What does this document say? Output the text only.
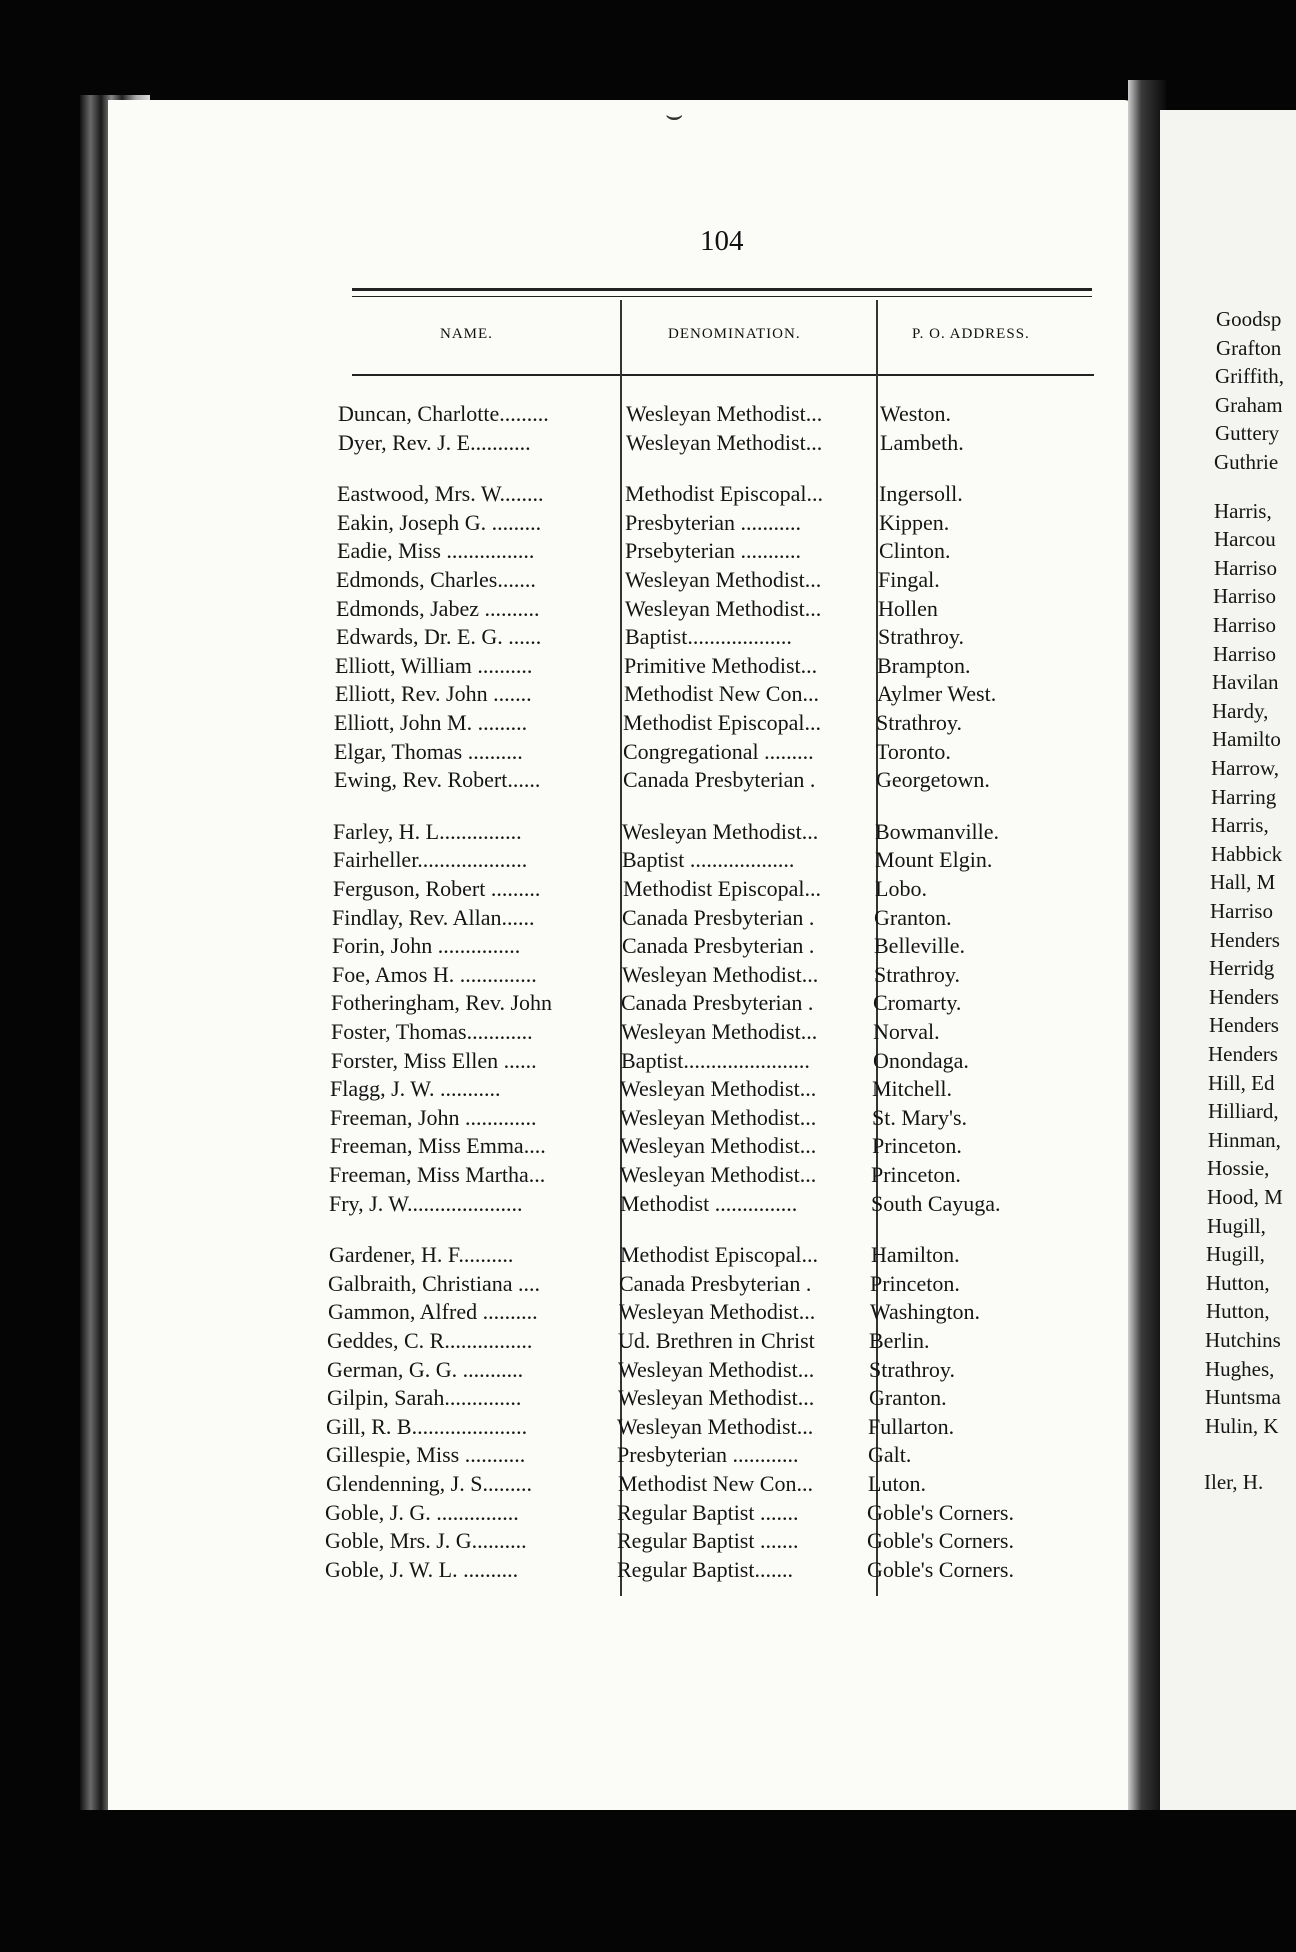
104
NAME.	DENOMINATION.	P. O. ADDRESS.
Duncan, Charlotte.........	Wesleyan Methodist...	Weston.
Dyer, Rev. J. E...........	Wesleyan Methodist...	Lambeth.
Eastwood, Mrs. W........	Methodist Episcopal...	Ingersoll.
Eakin, Joseph G. .........	Presbyterian ...........	Kippen.
Eadie, Miss ................	Prsebyterian ...........	Clinton.
Edmonds, Charles.......	Wesleyan Methodist...	Fingal.
Edmonds, Jabez ..........	Wesleyan Methodist...	Hollen
Edwards, Dr. E. G. ......	Baptist...................	Strathroy.
Elliott, William ..........	Primitive Methodist...	Brampton.
Elliott, Rev. John .......	Methodist New Con...	Aylmer West.
Elliott, John M. .........	Methodist Episcopal...	Strathroy.
Elgar, Thomas ..........	Congregational .........	Toronto.
Ewing, Rev. Robert......	Canada Presbyterian .	Georgetown.
Farley, H. L...............	Wesleyan Methodist...	Bowmanville.
Fairheller....................	Baptist ...................	Mount Elgin.
Ferguson, Robert .........	Methodist Episcopal... Lobo.
Findlay, Rev. Allan......	Canada Presbyterian .	Granton.
Forin, John ...............	Canada Presbyterian .	Belleville.
Foe, Amos H. ..............	Wesleyan Methodist...	Strathroy.
Fotheringham, Rev. John	Canada Presbyterian .	Cromarty.
Foster, Thomas............	Wesleyan Methodist...	Norval.
Forster, Miss Ellen ......	Baptist.......................	Onondaga.
Flagg, J. W. ...........	Wesleyan Methodist...	Mitchell.
Freeman, John .............	Wesleyan Methodist...	St. Mary's.
Freeman, Miss Emma....	Wesleyan Methodist...	Princeton.
Freeman, Miss Martha...	Wesleyan Methodist... Princeton.
Fry, J. W.....................	Methodist ...............	South Cayuga.
Gardener, H. F..........	Methodist Episcopal... Hamilton.
Galbraith, Christiana ....	Canada Presbyterian .	Princeton.
Gammon, Alfred ..........	Wesleyan Methodist... Washington.
Geddes, C. R................	Ud. Brethren in Christ Berlin.
German, G. G. ...........	Wesleyan Methodist... Strathroy.
Gilpin, Sarah..............	Wesleyan Methodist... Granton.
Gill, R. B.....................	Wesleyan Methodist... Fullarton.
Gillespie, Miss ...........	Presbyterian ............	Galt.
Glendenning, J. S.........	Methodist New Con...	Luton.
Goble, J. G. ...............	Regular Baptist .......	Goble's Corners.
Goble, Mrs. J. G..........	Regular Baptist .......	Goble's Corners.
Goble, J. W. L. ..........	Regular Baptist.......	Goble's Corners.
⌣
Goodsp
Grafton
Griffith,
Graham
Guttery
Guthrie
Harris,
Harcou
Harriso
Harriso
Harriso
Harriso
Havilan
Hardy,
Hamilto
Harrow,
Harring
Harris,
Habbick
Hall, M
Harriso
Henders
Herridg
Henders
Henders
Henders
Hill, Ed
Hilliard,
Hinman,
Hossie,
Hood, M
Hugill,
Hugill,
Hutton,
Hutton,
Hutchins
Hughes,
Huntsma
Hulin, K
Iler, H.
